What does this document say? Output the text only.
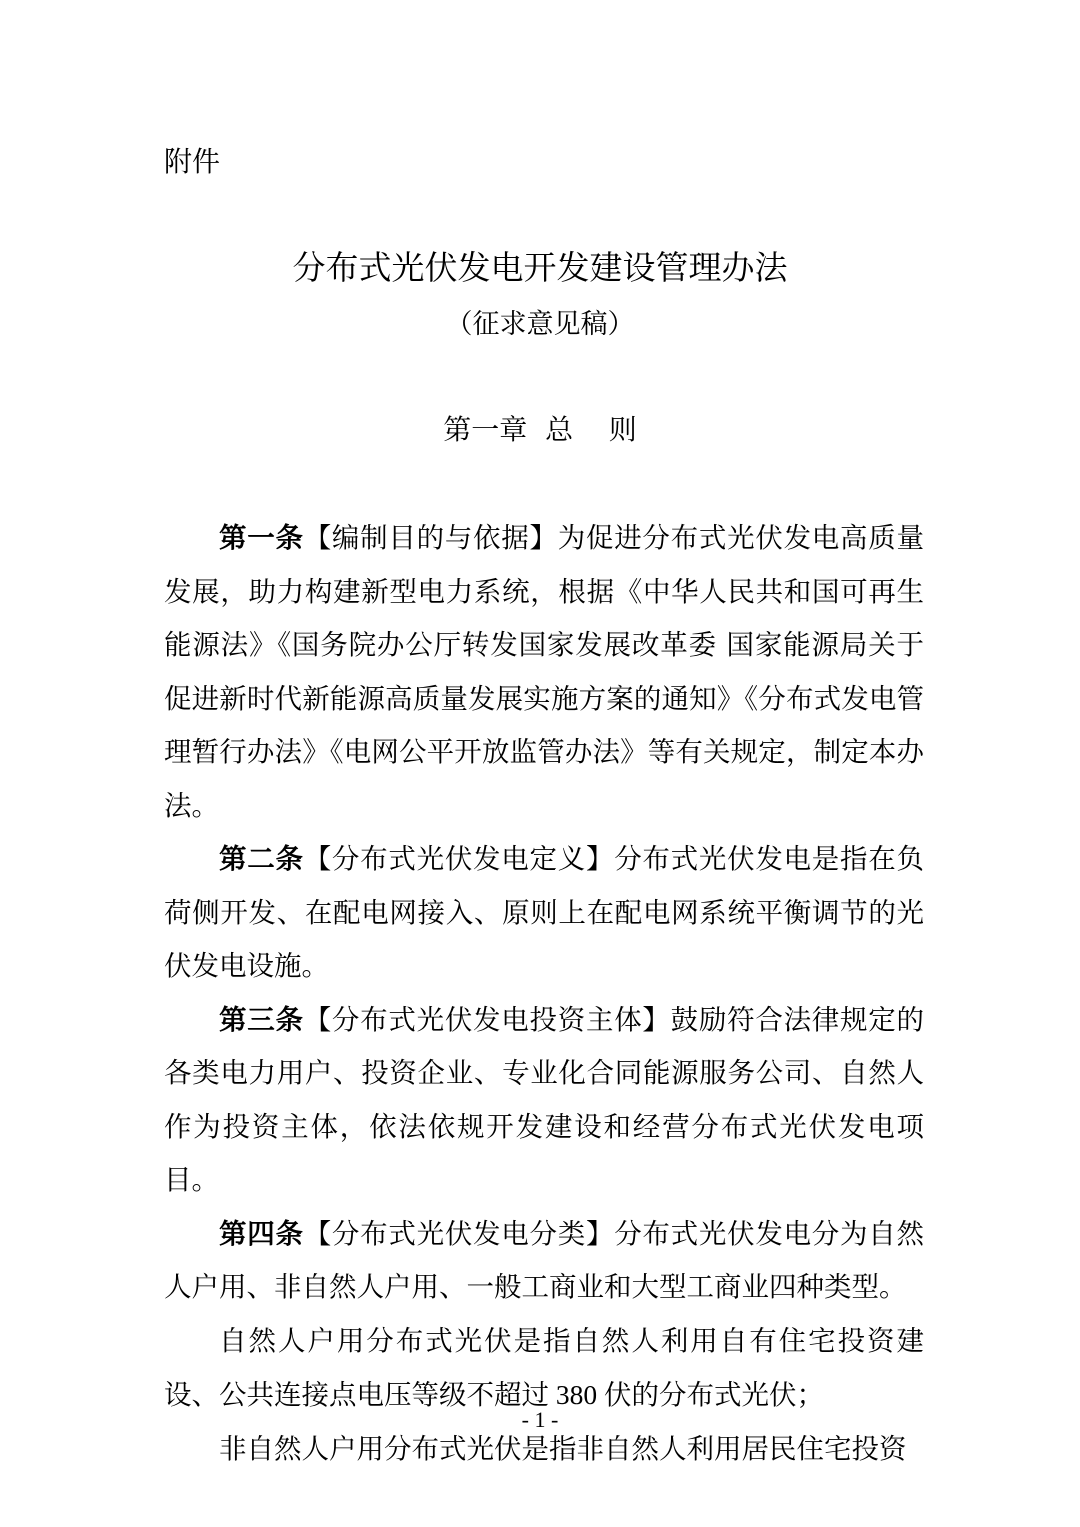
附件
分布式光伏发电开发建设管理办法
（征求意见稿）
第一章  总    则

第一条【编制目的与依据】为促进分布式光伏发电高质量发展，助力构建新型电力系统，根据《中华人民共和国可再生能源法》《国务院办公厅转发国家发展改革委 国家能源局关于促进新时代新能源高质量发展实施方案的通知》《分布式发电管理暂行办法》《电网公平开放监管办法》等有关规定，制定本办法。

第二条【分布式光伏发电定义】分布式光伏发电是指在负荷侧开发、在配电网接入、原则上在配电网系统平衡调节的光伏发电设施。

第三条【分布式光伏发电投资主体】鼓励符合法律规定的各类电力用户、投资企业、专业化合同能源服务公司、自然人作为投资主体，依法依规开发建设和经营分布式光伏发电项目。

第四条【分布式光伏发电分类】分布式光伏发电分为自然人户用、非自然人户用、一般工商业和大型工商业四种类型。

自然人户用分布式光伏是指自然人利用自有住宅投资建设、公共连接点电压等级不超过 380 伏的分布式光伏；

非自然人户用分布式光伏是指非自然人利用居民住宅投资

- 1 -
